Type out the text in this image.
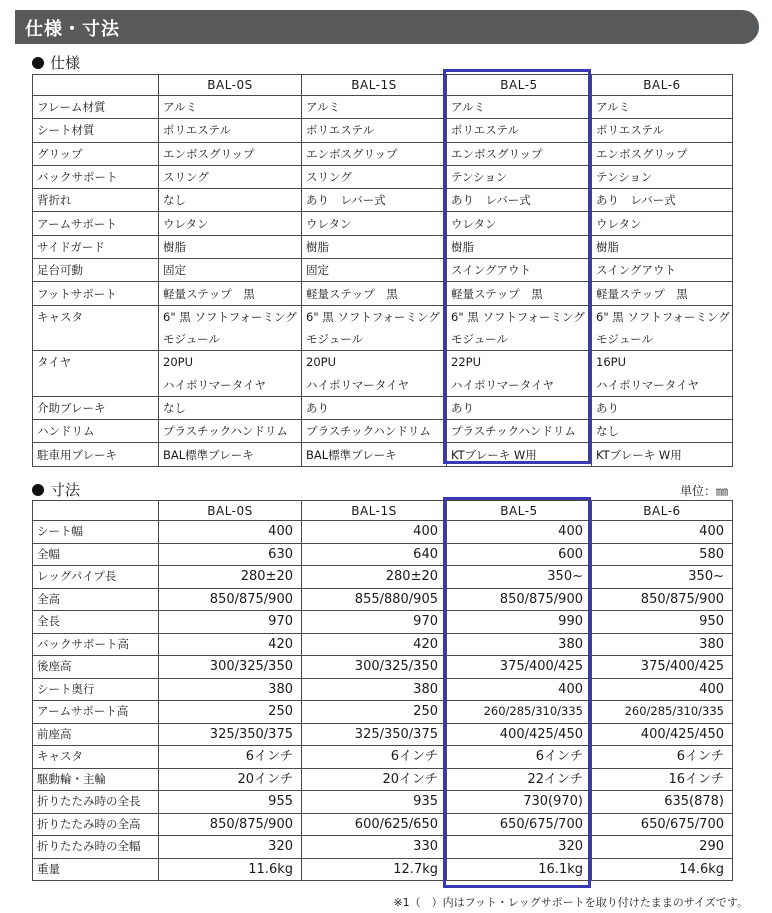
仕様・寸法
仕様
	BAL-0S	BAL-1S	BAL-5	BAL-6
フレーム材質	アルミ	アルミ	アルミ	アルミ
シート材質	ポリエステル	ポリエステル	ポリエステル	ポリエステル
グリップ	エンボスグリップ	エンボスグリップ	エンボスグリップ	エンボスグリップ
バックサポート	スリング	スリング	テンション	テンション
背折れ	なし	あり　レバー式	あり　レバー式	あり　レバー式
アームサポート	ウレタン	ウレタン	ウレタン	ウレタン
サイドガード	樹脂	樹脂	樹脂	樹脂
足台可動	固定	固定	スイングアウト	スイングアウト
フットサポート	軽量ステップ　黒	軽量ステップ　黒	軽量ステップ　黒	軽量ステップ　黒
キャスタ	6" 黒 ソフトフォーミング	6" 黒 ソフトフォーミング	6" 黒 ソフトフォーミング	6" 黒 ソフトフォーミング
	モジュール	モジュール	モジュール	モジュール
タイヤ	20PU	20PU	22PU	16PU
	ハイポリマータイヤ	ハイポリマータイヤ	ハイポリマータイヤ	ハイポリマータイヤ
介助ブレーキ	なし	あり	あり	あり
ハンドリム	プラスチックハンドリム	プラスチックハンドリム	プラスチックハンドリム	なし
駐車用ブレーキ	BAL標準ブレーキ	BAL標準ブレーキ	KTブレーキ W用	KTブレーキ W用
寸法	単位：㎜
	BAL-0S	BAL-1S	BAL-5	BAL-6
シート幅	400	400	400	400
全幅	630	640	600	580
レッグパイプ長	280±20	280±20	350~	350~
全高	850/875/900	855/880/905	850/875/900	850/875/900
全長	970	970	990	950
バックサポート高	420	420	380	380
後座高	300/325/350	300/325/350	375/400/425	375/400/425
シート奥行	380	380	400	400
アームサポート高	250	250	260/285/310/335	260/285/310/335
前座高	325/350/375	325/350/375	400/425/450	400/425/450
キャスタ	6インチ	6インチ	6インチ	6インチ
駆動輪・主輪	20インチ	20インチ	22インチ	16インチ
折りたたみ時の全長	955	935	730(970)	635(878)
折りたたみ時の全高	850/875/900	600/625/650	650/675/700	650/675/700
折りたたみ時の全幅	320	330	320	290
重量	11.6kg	12.7kg	16.1kg	14.6kg
※1（　）内はフット・レッグサポートを取り付けたままのサイズです。
